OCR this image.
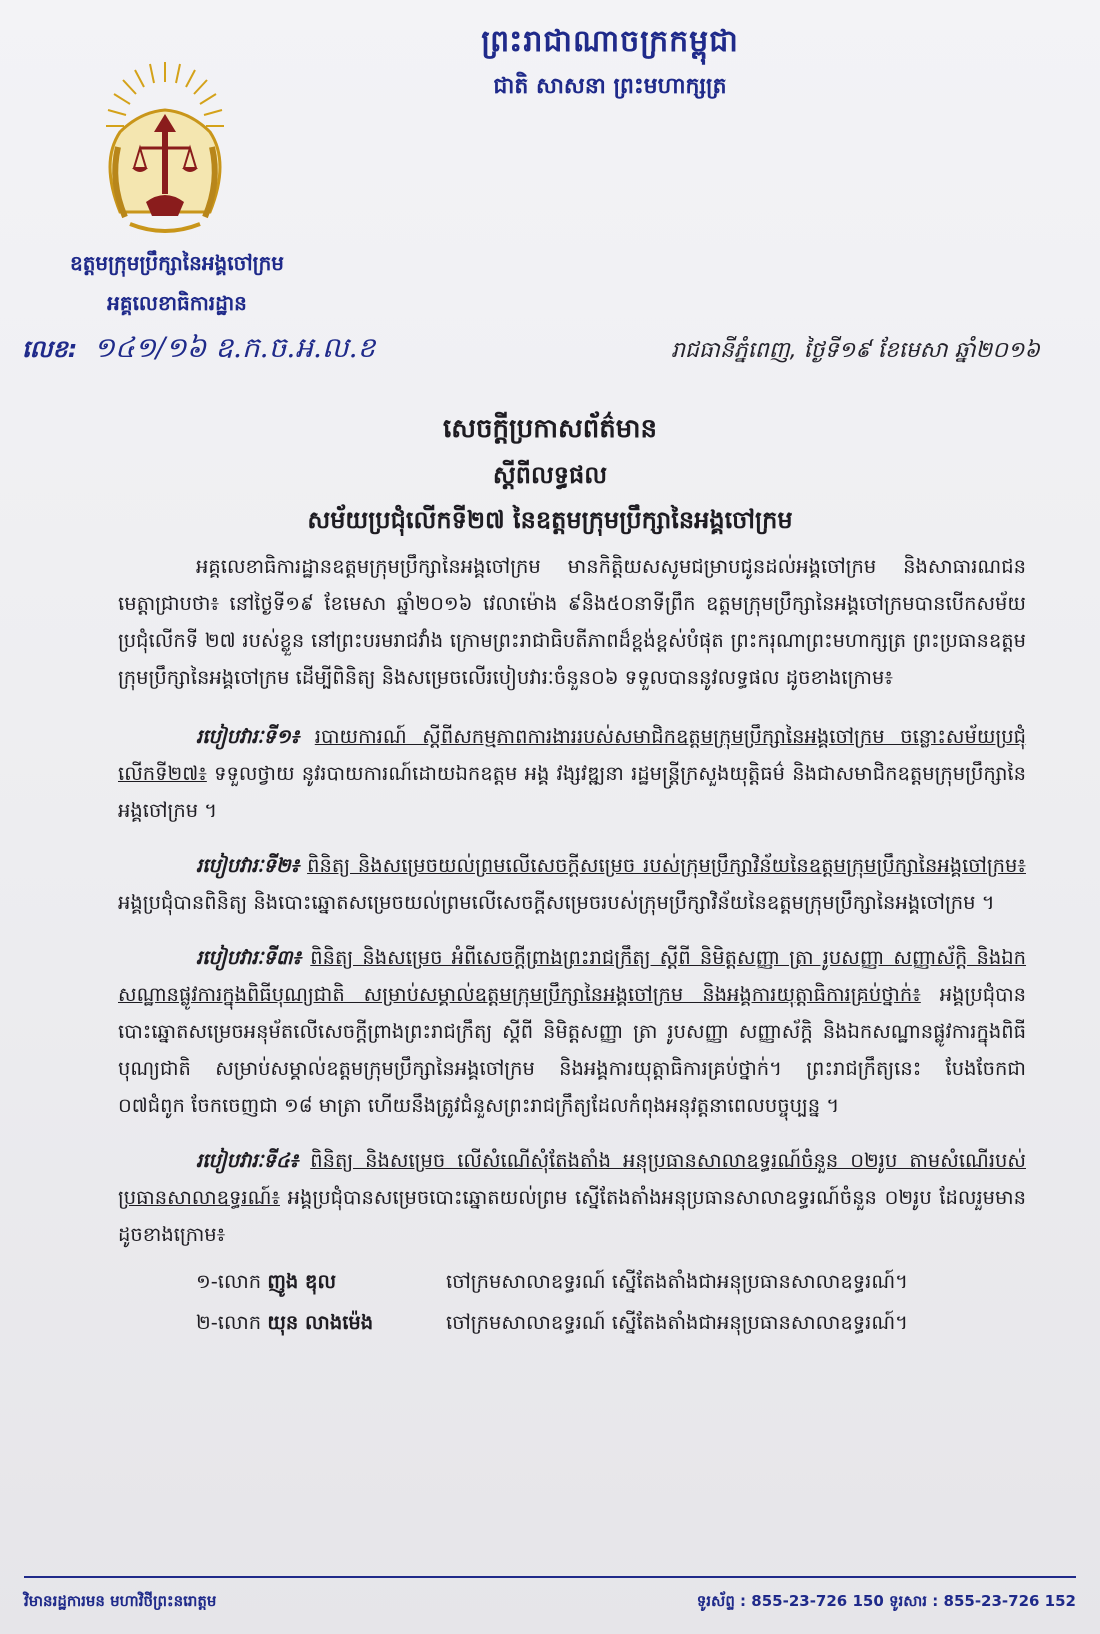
ព្រះរាជាណាចក្រកម្ពុជា
ជាតិ សាសនា ព្រះមហាក្សត្រ
ឧត្តមក្រុមប្រឹក្សានៃអង្គចៅក្រម
អគ្គលេខាធិការដ្ឋាន
លេខ: ១៤១/១៦ ឧ.ក.ច.អ.ល.ខ	រាជធានីភ្នំពេញ, ថ្ងៃទី១៩ ខែមេសា ឆ្នាំ២០១៦
សេចក្តីប្រកាសព័ត៌មាន
ស្តីពីលទ្ធផល
សម័យប្រជុំលើកទី២៧ នៃឧត្តមក្រុមប្រឹក្សានៃអង្គចៅក្រម

អគ្គលេខាធិការដ្ឋានឧត្តមក្រុមប្រឹក្សានៃអង្គចៅក្រម មានកិត្តិយសសូមជម្រាបជូនដល់អង្គចៅក្រម និងសាធារណជន មេត្តាជ្រាបថា៖ នៅថ្ងៃទី១៩ ខែមេសា ឆ្នាំ២០១៦ វេលាម៉ោង ៩និង៥០នាទីព្រឹក ឧត្តមក្រុមប្រឹក្សានៃអង្គចៅក្រមបានបើកសម័យប្រជុំលើកទី ២៧ របស់ខ្លួន នៅព្រះបរមរាជវាំង ក្រោមព្រះរាជាធិបតីភាពដ៏ខ្ពង់ខ្ពស់បំផុត ព្រះករុណាព្រះមហាក្សត្រ ព្រះប្រធានឧត្តមក្រុមប្រឹក្សានៃអង្គចៅក្រម ដើម្បីពិនិត្យ និងសម្រេចលើរបៀបវារៈចំនួន០៦ ទទួលបាននូវលទ្ធផល ដូចខាងក្រោម៖

របៀបវារៈទី១៖ របាយការណ៍ ស្តីពីសកម្មភាពការងាររបស់សមាជិកឧត្តមក្រុមប្រឹក្សានៃអង្គចៅក្រម ចន្លោះសម័យប្រជុំលើកទី២៧៖ ទទួលថ្វាយ នូវរបាយការណ៍ដោយឯកឧត្តម អង្គ វង្សវឌ្ឍនា រដ្ឋមន្ត្រីក្រសួងយុត្តិធម៌ និងជាសមាជិកឧត្តមក្រុមប្រឹក្សានៃអង្គចៅក្រម ។
របៀបវារៈទី២៖ ពិនិត្យ និងសម្រេចយល់ព្រមលើសេចក្តីសម្រេច របស់ក្រុមប្រឹក្សាវិន័យនៃឧត្តមក្រុមប្រឹក្សានៃអង្គចៅក្រម៖ អង្គប្រជុំបានពិនិត្យ និងបោះឆ្នោតសម្រេចយល់ព្រមលើសេចក្តីសម្រេចរបស់ក្រុមប្រឹក្សាវិន័យនៃឧត្តមក្រុមប្រឹក្សានៃអង្គចៅក្រម ។
របៀបវារៈទី៣៖ ពិនិត្យ និងសម្រេច អំពីសេចក្តីព្រាងព្រះរាជក្រឹត្យ ស្តីពី និមិត្តសញ្ញា ត្រា រូបសញ្ញា សញ្ញាស័ក្តិ និងឯកសណ្ឋានផ្លូវការក្នុងពិធីបុណ្យជាតិ សម្រាប់សម្គាល់ឧត្តមក្រុមប្រឹក្សានៃអង្គចៅក្រម និងអង្គការយុត្តាធិការគ្រប់ថ្នាក់៖ អង្គប្រជុំបានបោះឆ្នោតសម្រេចអនុម័តលើសេចក្តីព្រាងព្រះរាជក្រឹត្យ ស្តីពី និមិត្តសញ្ញា ត្រា រូបសញ្ញា សញ្ញាស័ក្តិ និងឯកសណ្ឋានផ្លូវការក្នុងពិធីបុណ្យជាតិ សម្រាប់សម្គាល់ឧត្តមក្រុមប្រឹក្សានៃអង្គចៅក្រម និងអង្គការយុត្តាធិការគ្រប់ថ្នាក់។ ព្រះរាជក្រឹត្យនេះ បែងចែកជា ០៧ជំពូក ចែកចេញជា ១៨ មាត្រា ហើយនឹងត្រូវជំនួសព្រះរាជក្រឹត្យដែលកំពុងអនុវត្តនាពេលបច្ចុប្បន្ន ។
របៀបវារៈទី៤៖ ពិនិត្យ និងសម្រេច លើសំណើសុំតែងតាំង អនុប្រធានសាលាឧទ្ធរណ៍ចំនួន ០២រូប តាមសំណើរបស់ប្រធានសាលាឧទ្ធរណ៍៖ អង្គប្រជុំបានសម្រេចបោះឆ្នោតយល់ព្រម ស្នើតែងតាំងអនុប្រធានសាលាឧទ្ធរណ៍ចំនួន ០២រូប ដែលរួមមានដូចខាងក្រោម៖
១-លោក ញូង ឌុល	ចៅក្រមសាលាឧទ្ធរណ៍ ស្នើតែងតាំងជាអនុប្រធានសាលាឧទ្ធរណ៍។
២-លោក យុន លាងម៉េង	ចៅក្រមសាលាឧទ្ធរណ៍ ស្នើតែងតាំងជាអនុប្រធានសាលាឧទ្ធរណ៍។
វិមានរដ្ឋការមន មហាវិថីព្រះនរោត្តម	ទូរស័ព្ទ : 855-23-726 150 ទូរសារ : 855-23-726 152
